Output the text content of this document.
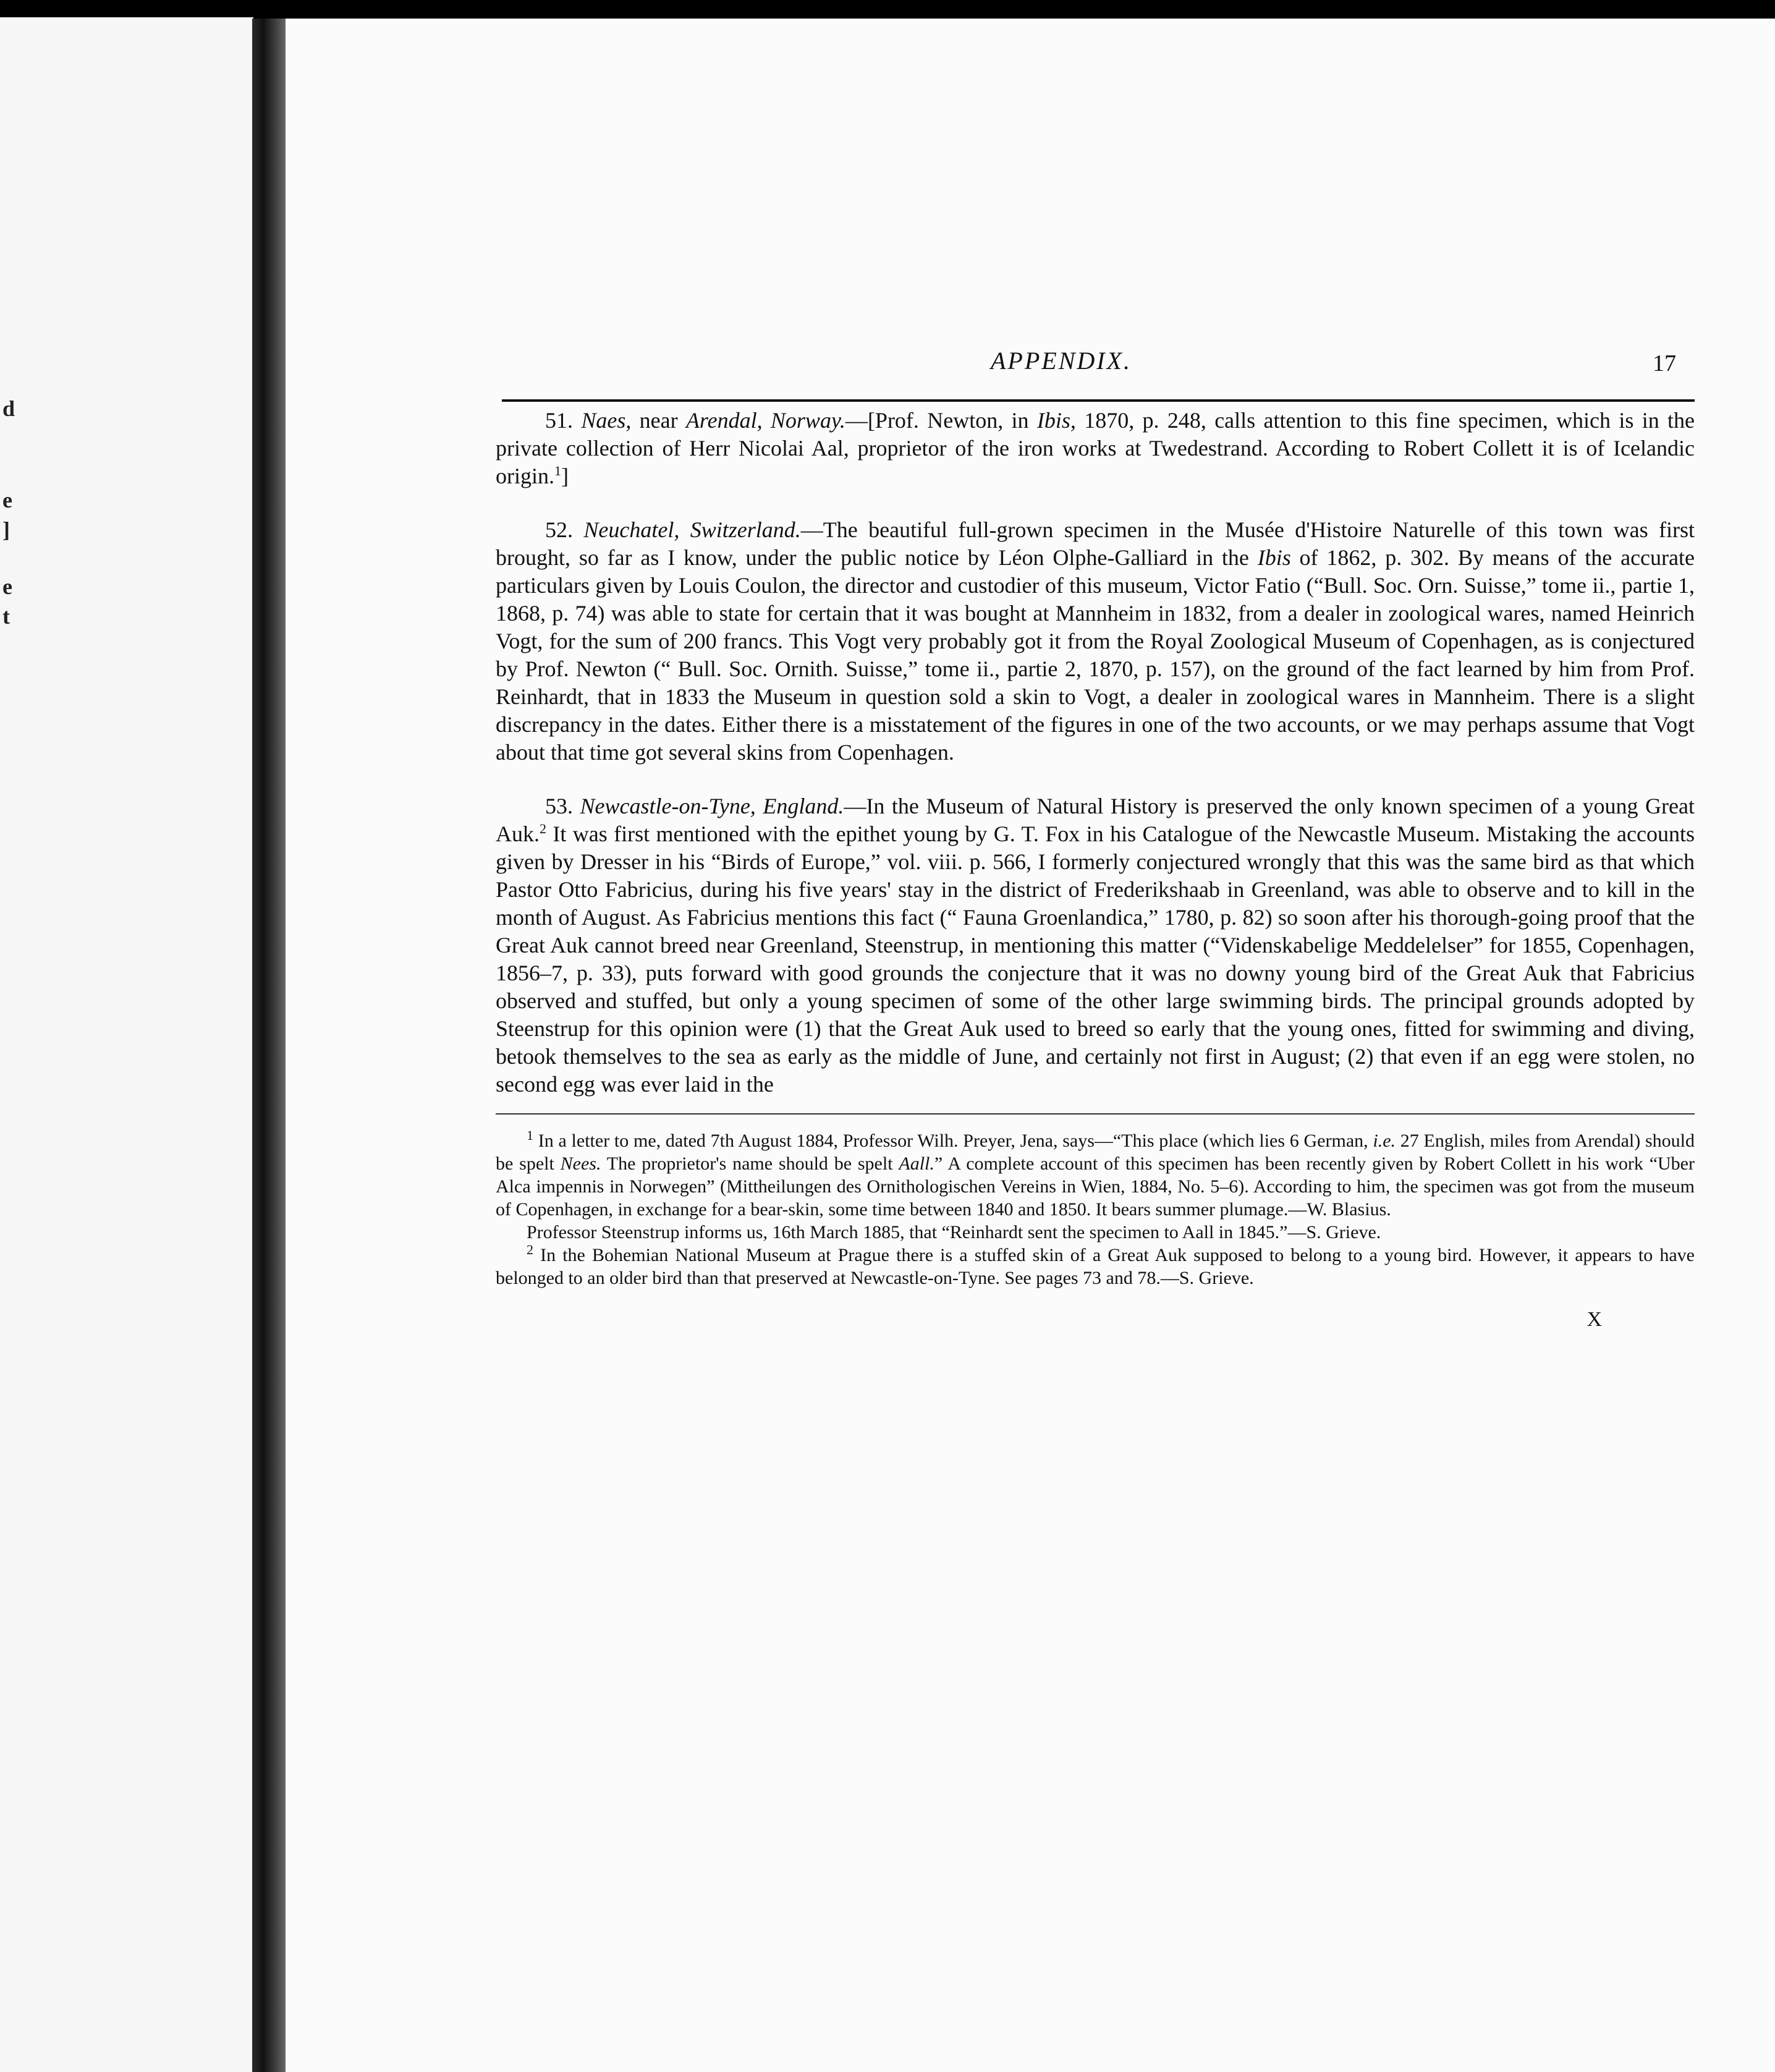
d
e
]
e
t
APPENDIX.	17

51. Naes, near Arendal, Norway.—[Prof. Newton, in Ibis, 1870, p. 248, calls attention to this fine specimen, which is in the private collection of Herr Nicolai Aal, proprietor of the iron works at Twedestrand. According to Robert Collett it is of Icelandic origin.$^1$]

52. Neuchatel, Switzerland.—The beautiful full-grown specimen in the Musée d'Histoire Naturelle of this town was first brought, so far as I know, under the public notice by Léon Olphe-Galliard in the Ibis of 1862, p. 302. By means of the accurate particulars given by Louis Coulon, the director and custodier of this museum, Victor Fatio (“Bull. Soc. Orn. Suisse,” tome ii., partie 1, 1868, p. 74) was able to state for certain that it was bought at Mannheim in 1832, from a dealer in zoological wares, named Heinrich Vogt, for the sum of 200 francs. This Vogt very probably got it from the Royal Zoological Museum of Copenhagen, as is conjectured by Prof. Newton (“ Bull. Soc. Ornith. Suisse,” tome ii., partie 2, 1870, p. 157), on the ground of the fact learned by him from Prof. Reinhardt, that in 1833 the Museum in question sold a skin to Vogt, a dealer in zoological wares in Mannheim. There is a slight discrepancy in the dates. Either there is a misstatement of the figures in one of the two accounts, or we may perhaps assume that Vogt about that time got several skins from Copenhagen.

53. Newcastle-on-Tyne, England.—In the Museum of Natural History is preserved the only known specimen of a young Great Auk.$^2$ It was first mentioned with the epithet young by G. T. Fox in his Catalogue of the Newcastle Museum. Mistaking the accounts given by Dresser in his “Birds of Europe,” vol. viii. p. 566, I formerly conjectured wrongly that this was the same bird as that which Pastor Otto Fabricius, during his five years' stay in the district of Frederikshaab in Greenland, was able to observe and to kill in the month of August. As Fabricius mentions this fact (“ Fauna Groenlandica,” 1780, p. 82) so soon after his thorough-going proof that the Great Auk cannot breed near Greenland, Steenstrup, in mentioning this matter (“Videnskabelige Meddelelser” for 1855, Copenhagen, 1856–7, p. 33), puts forward with good grounds the conjecture that it was no downy young bird of the Great Auk that Fabricius observed and stuffed, but only a young specimen of some of the other large swimming birds. The principal grounds adopted by Steenstrup for this opinion were (1) that the Great Auk used to breed so early that the young ones, fitted for swimming and diving, betook themselves to the sea as early as the middle of June, and certainly not first in August; (2) that even if an egg were stolen, no second egg was ever laid in the

$^1$ In a letter to me, dated 7th August 1884, Professor Wilh. Preyer, Jena, says—“This place (which lies 6 German, i.e. 27 English, miles from Arendal) should be spelt Nees. The proprietor's name should be spelt Aall.” A complete account of this specimen has been recently given by Robert Collett in his work “Uber Alca impennis in Norwegen” (Mittheilungen des Ornithologischen Vereins in Wien, 1884, No. 5–6). According to him, the specimen was got from the museum of Copenhagen, in exchange for a bear-skin, some time between 1840 and 1850. It bears summer plumage.—W. Blasius.

Professor Steenstrup informs us, 16th March 1885, that “Reinhardt sent the specimen to Aall in 1845.”—S. Grieve.

$^2$ In the Bohemian National Museum at Prague there is a stuffed skin of a Great Auk supposed to belong to a young bird. However, it appears to have belonged to an older bird than that preserved at Newcastle-on-Tyne. See pages 73 and 78.—S. Grieve.

X
